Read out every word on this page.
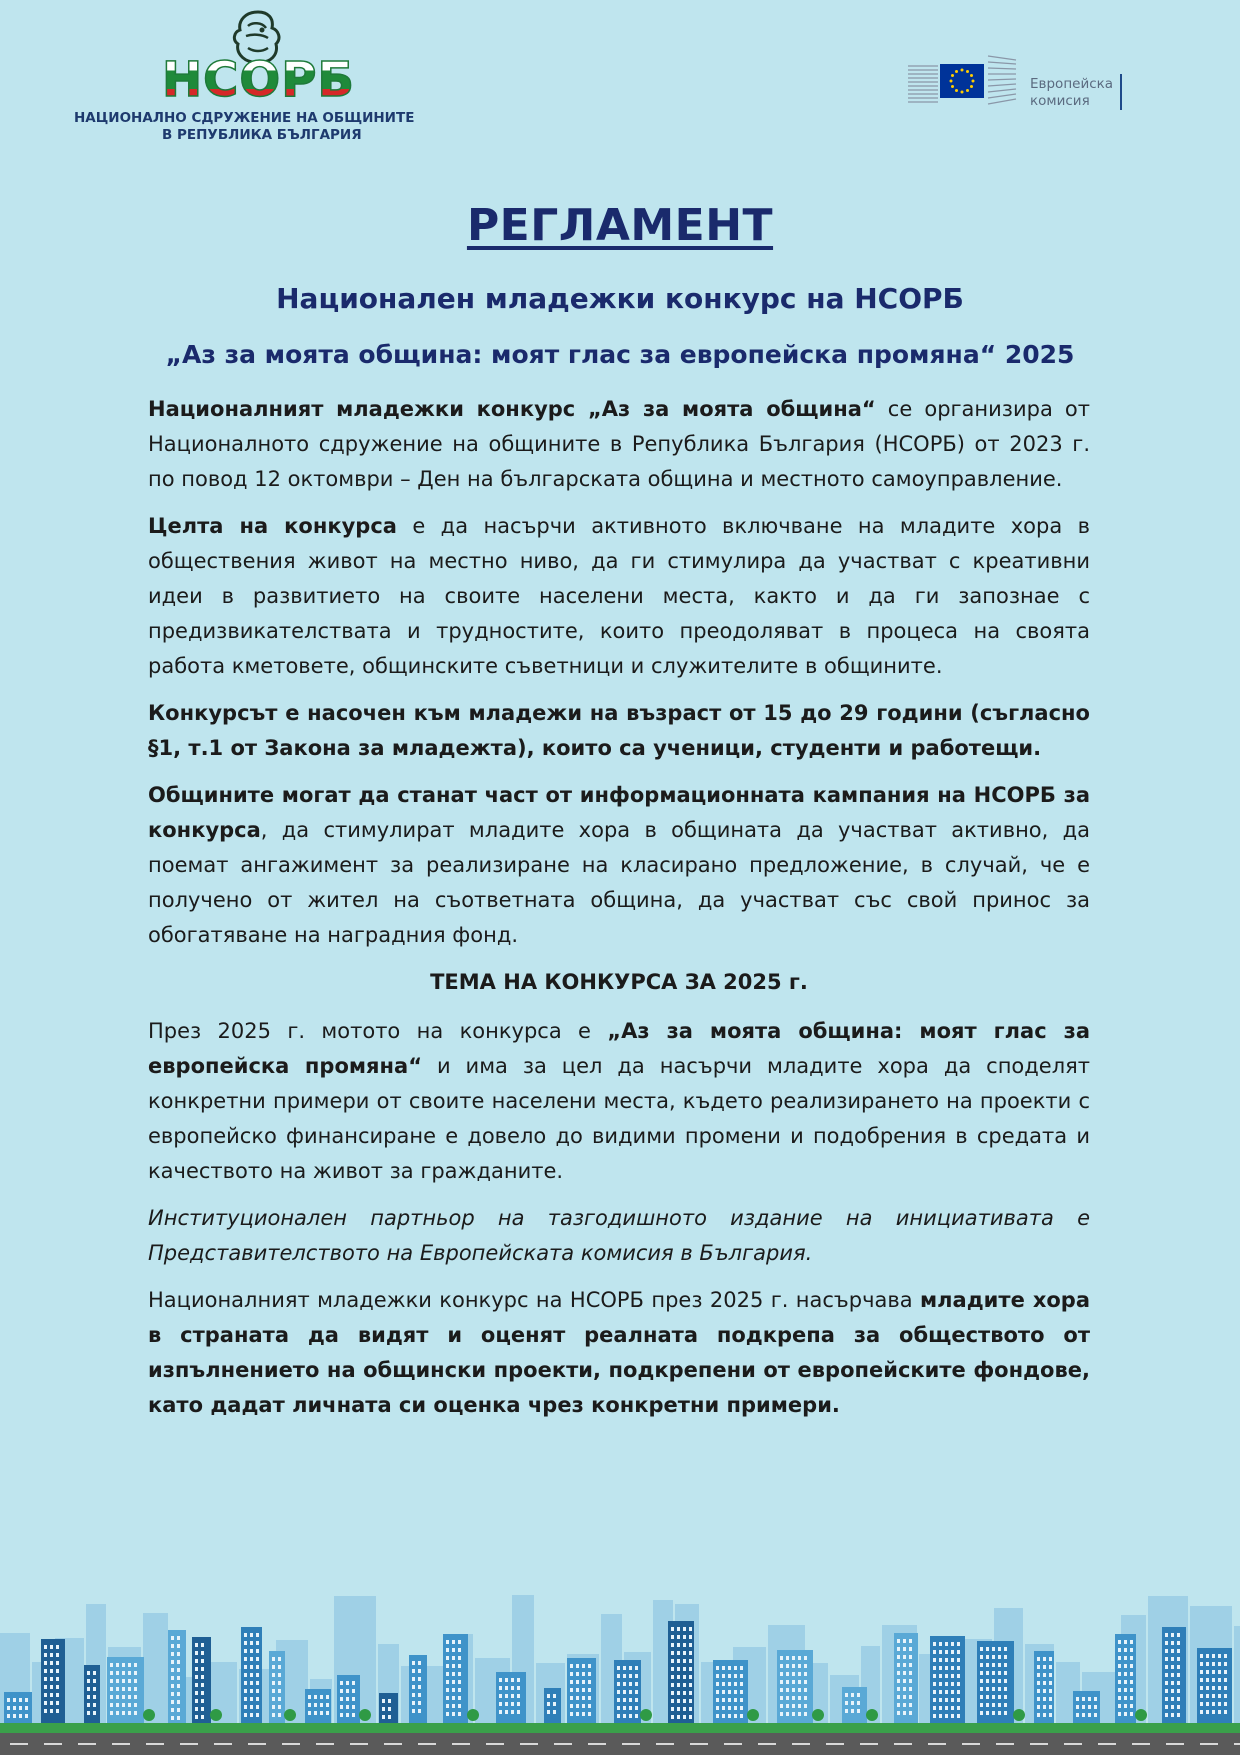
НСОРБ
НАЦИОНАЛНО СДРУЖЕНИЕ НА ОБЩИНИТЕ
В РЕПУБЛИКА БЪЛГАРИЯ
Европейска
комисия
РЕГЛАМЕНТ
Национален младежки конкурс на НСОРБ
„Аз за моята община: моят глас за европейска промяна“ 2025

Националният младежки конкурс „Аз за моята община“ се организира от Националното сдружение на общините в Република България (НСОРБ) от 2023 г. по повод 12 октомври – Ден на българската община и местното самоуправление.

Целта на конкурса е да насърчи активното включване на младите хора в обществения живот на местно ниво, да ги стимулира да участват с креативни идеи в развитието на своите населени места, както и да ги запознае с предизвикателствата и трудностите, които преодоляват в процеса на своята работа кметовете, общинските съветници и служителите в общините.

Конкурсът е насочен към младежи на възраст от 15 до 29 години (съгласно §1, т.1 от Закона за младежта), които са ученици, студенти и работещи.

Общините могат да станат част от информационната кампания на НСОРБ за конкурса, да стимулират младите хора в общината да участват активно, да поемат ангажимент за реализиране на класирано предложение, в случай, че е получено от жител на съответната община, да участват със свой принос за обогатяване на наградния фонд.

ТЕМА НА КОНКУРСА ЗА 2025 г.

През 2025 г. мотото на конкурса е „Аз за моята община: моят глас за европейска промяна“ и има за цел да насърчи младите хора да споделят конкретни примери от своите населени места, където реализирането на проекти с европейско финансиране е довело до видими промени и подобрения в средата и качеството на живот за гражданите.

Институционален партньор на тазгодишното издание на инициативата е Представителството на Европейската комисия в България.

Националният младежки конкурс на НСОРБ през 2025 г. насърчава младите хора в страната да видят и оценят реалната подкрепа за обществото от изпълнението на общински проекти, подкрепени от европейските фондове, като дадат личната си оценка чрез конкретни примери.
